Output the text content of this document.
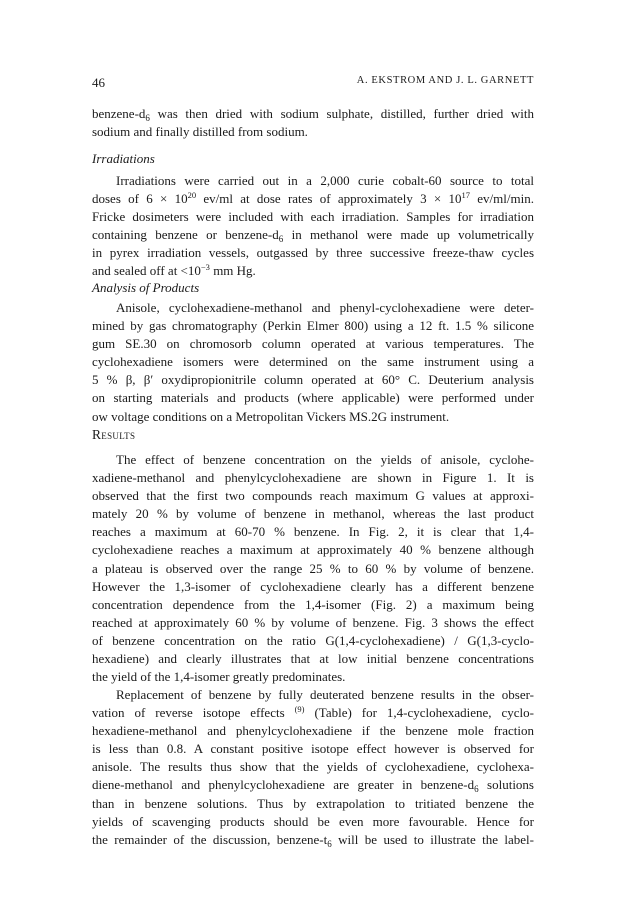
46	A. EKSTROM AND J. L. GARNETT
benzene-$d_6$ was then dried with sodium sulphate, distilled, further dried with
sodium and finally distilled from sodium.
Irradiations
Irradiations were carried out in a 2,000 curie cobalt-60 source to total
doses of $6 \times 10^{20}$ ev/ml at dose rates of approximately $3 \times 10^{17}$ ev/ml/min.
Fricke dosimeters were included with each irradiation. Samples for irradiation
containing benzene or benzene-$d_6$ in methanol were made up volumetrically
in pyrex irradiation vessels, outgassed by three successive freeze-thaw cycles
and sealed off at $<10^{-3}$ mm Hg.
Analysis of Products
Anisole, cyclohexadiene-methanol and phenyl-cyclohexadiene were deter-
mined by gas chromatography (Perkin Elmer 800) using a 12 ft. 1.5 % silicone
gum SE.30 on chromosorb column operated at various temperatures. The
cyclohexadiene isomers were determined on the same instrument using a
5 % β, β′ oxydipropionitrile column operated at 60° C. Deuterium analysis
on starting materials and products (where applicable) were performed under
ow voltage conditions on a Metropolitan Vickers MS.2G instrument.
Results
The effect of benzene concentration on the yields of anisole, cyclohe-
xadiene-methanol and phenylcyclohexadiene are shown in Figure 1. It is
observed that the first two compounds reach maximum G values at approxi-
mately 20 % by volume of benzene in methanol, whereas the last product
reaches a maximum at 60-70 % benzene. In Fig. 2, it is clear that 1,4-
cyclohexadiene reaches a maximum at approximately 40 % benzene although
a plateau is observed over the range 25 % to 60 % by volume of benzene.
However the 1,3-isomer of cyclohexadiene clearly has a different benzene
concentration dependence from the 1,4-isomer (Fig. 2) a maximum being
reached at approximately 60 % by volume of benzene. Fig. 3 shows the effect
of benzene concentration on the ratio G(1,4-cyclohexadiene) / G(1,3-cyclo-
hexadiene) and clearly illustrates that at low initial benzene concentrations
the yield of the 1,4-isomer greatly predominates.
Replacement of benzene by fully deuterated benzene results in the obser-
vation of reverse isotope effects $^{(9)}$ (Table) for 1,4-cyclohexadiene, cyclo-
hexadiene-methanol and phenylcyclohexadiene if the benzene mole fraction
is less than 0.8. A constant positive isotope effect however is observed for
anisole. The results thus show that the yields of cyclohexadiene, cyclohexa-
diene-methanol and phenylcyclohexadiene are greater in benzene-$d_6$ solutions
than in benzene solutions. Thus by extrapolation to tritiated benzene the
yields of scavenging products should be even more favourable. Hence for
the remainder of the discussion, benzene-$t_6$ will be used to illustrate the label-
